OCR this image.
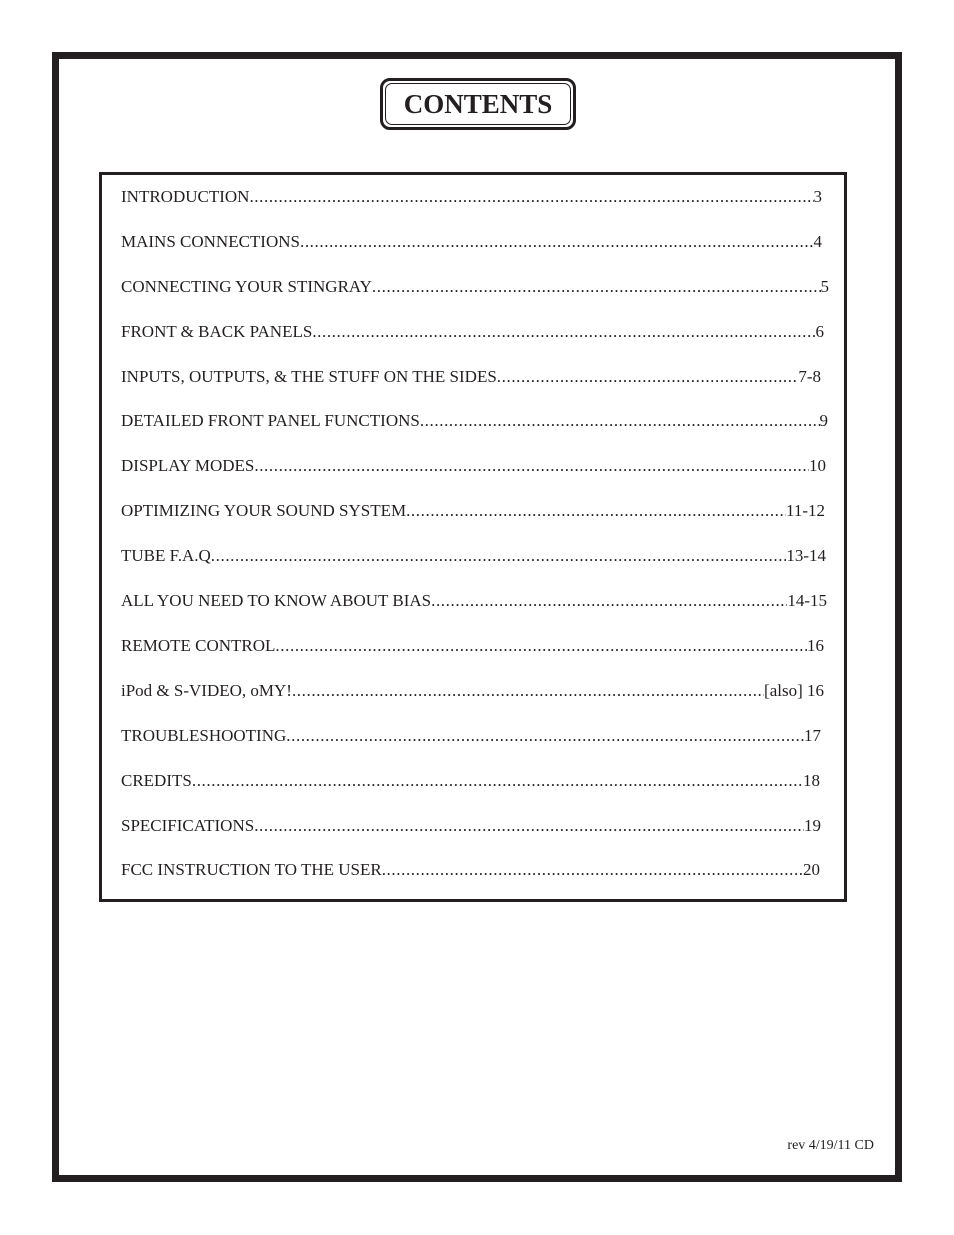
CONTENTS
INTRODUCTION .....	3
MAINS CONNECTIONS .....	4
CONNECTING YOUR STINGRAY .....	5
FRONT & BACK PANELS .....	6
INPUTS, OUTPUTS, & THE STUFF ON THE SIDES .....	7-8
DETAILED FRONT PANEL FUNCTIONS .....	9
DISPLAY MODES .....	10
OPTIMIZING YOUR SOUND SYSTEM .....	11-12
TUBE F.A.Q .....	13-14
ALL YOU NEED TO KNOW ABOUT BIAS .....	14-15
REMOTE CONTROL .....	16
iPod & S-VIDEO, oMY! .....	[also] 16
TROUBLESHOOTING .....	17
CREDITS .....	18
SPECIFICATIONS .....	19
FCC INSTRUCTION TO THE USER .....	20
rev 4/19/11 CD
